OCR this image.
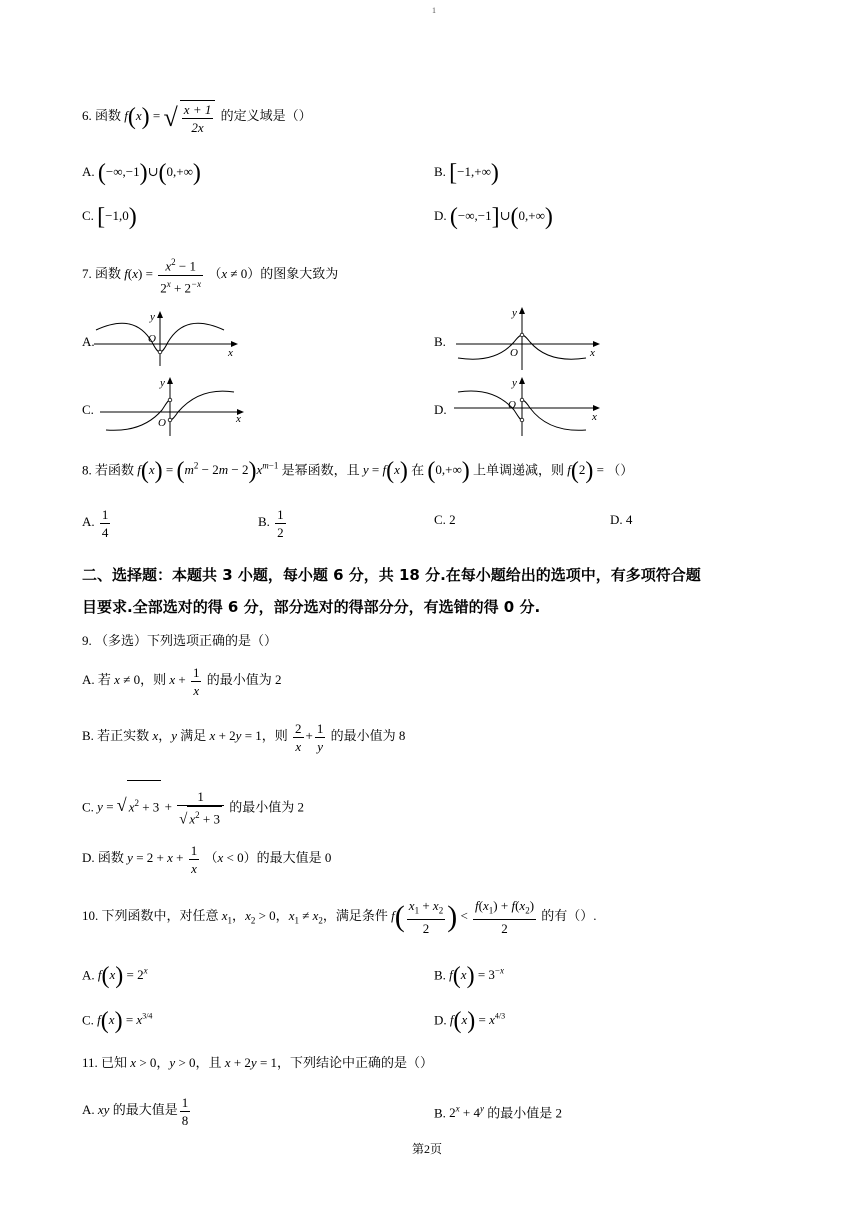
1
6. 函数 f(x) = √ $\frac{x + 1}{2x}$ 的定义域是（）
A. (−∞,−1)∪(0,+∞)	B. [−1,+∞)
C. [−1,0)	D. (−∞,−1]∪(0,+∞)
7. 函数 $f(x) = \frac{x^2 - 1}{2^x + 2^{-x}} (x \ne 0)$的图象大致为
A.
x
y
O	B.
x
y
O
C.
x
y
O
D.	x
y
O
8. 若函数 $f(x) = (m^2 - 2m - 2)x^{m-1}$ 是幂函数，且 y = f(x) 在 (0,+∞) 上单调递减，则 f(2) = （）
A. $\frac{1}{4}$	B. $\frac{1}{2}$	C. 2	D. 4
二、选择题：本题共 3 小题，每小题 6 分，共 18 分.在每小题给出的选项中，有多项符合题
目要求.全部选对的得 6 分，部分选对的得部分分，有选错的得 0 分.
9. （多选）下列选项正确的是（）
A. 若 x ≠ 0，则 $x + \frac{1}{x}$ 的最小值为 2
B. 若正实数 x，y 满足 x + 2y = 1，则 $\frac{2}{x} + \frac{1}{y}$ 的最小值为 8
C. y = √ $x^2 + 3 + \frac{1}{√ x^2 + 3}$ 的最小值为 2
D. 函数 $y = 2 + x + \frac{1}{x} (x < 0)$的最大值是 0
10. 下列函数中，对任意 $x_1$，$x_2 > 0$，$x_1 \ne x_2$，满足条件 $f( \frac{x_1 + x_2}{2}$ ) < $\frac{f(x_1) + f(x_2)}{2}$ 的有（）.
A. $f(x) = 2^x$	B. $f(x) = 3^{-x}$
C. $f(x) = x^{3/4}$	D. $f(x) = x^{4/3}$
11. 已知 x > 0，y > 0，且 x + 2y = 1，下列结论中正确的是（）
A. xy 的最大值是 $\frac{1}{8}$	B. $2^x + 4^y$ 的最小值是 2
第2页
